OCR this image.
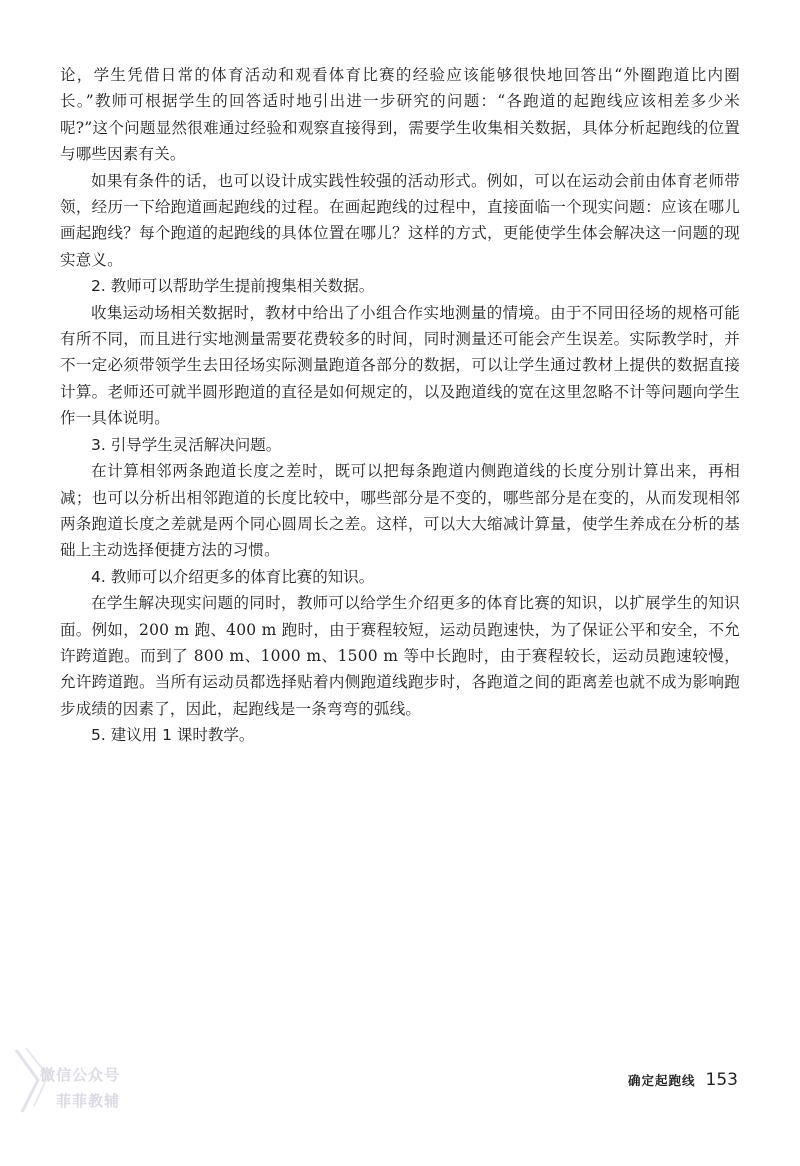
论，学生凭借日常的体育活动和观看体育比赛的经验应该能够很快地回答出“外圈跑道比内圈长。”教师可根据学生的回答适时地引出进一步研究的问题：“各跑道的起跑线应该相差多少米呢?”这个问题显然很难通过经验和观察直接得到，需要学生收集相关数据，具体分析起跑线的位置与哪些因素有关。

如果有条件的话，也可以设计成实践性较强的活动形式。例如，可以在运动会前由体育老师带领，经历一下给跑道画起跑线的过程。在画起跑线的过程中，直接面临一个现实问题：应该在哪儿画起跑线？每个跑道的起跑线的具体位置在哪儿？这样的方式，更能使学生体会解决这一问题的现实意义。

2. 教师可以帮助学生提前搜集相关数据。

收集运动场相关数据时，教材中给出了小组合作实地测量的情境。由于不同田径场的规格可能有所不同，而且进行实地测量需要花费较多的时间，同时测量还可能会产生误差。实际教学时，并不一定必须带领学生去田径场实际测量跑道各部分的数据，可以让学生通过教材上提供的数据直接计算。老师还可就半圆形跑道的直径是如何规定的，以及跑道线的宽在这里忽略不计等问题向学生作一具体说明。

3. 引导学生灵活解决问题。

在计算相邻两条跑道长度之差时，既可以把每条跑道内侧跑道线的长度分别计算出来，再相减；也可以分析出相邻跑道的长度比较中，哪些部分是不变的，哪些部分是在变的，从而发现相邻两条跑道长度之差就是两个同心圆周长之差。这样，可以大大缩减计算量，使学生养成在分析的基础上主动选择便捷方法的习惯。

4. 教师可以介绍更多的体育比赛的知识。

在学生解决现实问题的同时，教师可以给学生介绍更多的体育比赛的知识，以扩展学生的知识面。例如，200 m 跑、400 m 跑时，由于赛程较短，运动员跑速快，为了保证公平和安全，不允许跨道跑。而到了 800 m、1000 m、1500 m 等中长跑时，由于赛程较长，运动员跑速较慢，允许跨道跑。当所有运动员都选择贴着内侧跑道线跑步时，各跑道之间的距离差也就不成为影响跑步成绩的因素了，因此，起跑线是一条弯弯的弧线。

5. 建议用 1 课时教学。

微信公众号
菲菲教辅
确定起跑线 153
